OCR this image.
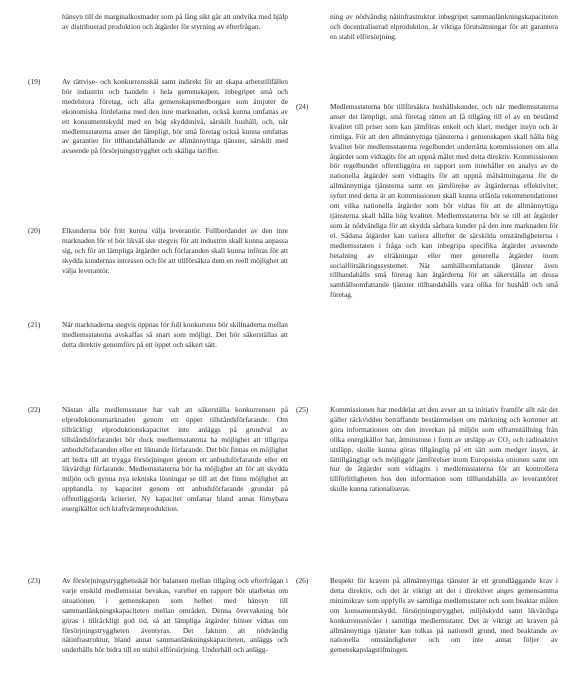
hänsyn till de marginalkostnader som på lång sikt går att undvika med hjälp av distribuerad produktion och åtgärder för styrning av efterfrågan.
(19)	Av rättvise- och konkurrensskäl samt indirekt för att skapa arbetstillfällen bör industrin och handeln i hela gemenskapen, inbegripet små och medelstora företag, och alla gemenskapsmedborgare som åtnjuter de ekonomiska fördelarna med den inre marknaden, också kunna omfattas av ett konsumentskydd med en hög skyddsnivå, särskilt hushåll, och, när medlemsstaterna anser det lämpligt, bör små företag också kunna omfattas av garantier för tillhandahållande av allmännyttiga tjänster, särskilt med avseende på försörjningstrygghet och skäliga tariffer.
(20)	Elkunderna bör fritt kunna välja leverantör. Fullbordandet av den inre marknaden för el bör likväl ske stegvis för att industrin skall kunna anpassa sig, och för att lämpliga åtgärder och förfaranden skall kunna införas för att skydda kundernas intressen och för att tillförsäkra dem en reell möjlighet att välja leverantör.
(21)	När marknaderna stegvis öppnas för full konkurrens bör skillnaderna mellan medlemsstaterna avskaffas så snart som möjligt. Det bör säkerställas att detta direktiv genomförs på ett öppet och säkert sätt.
(22)	Nästan alla medlemsstater har valt att säkerställa konkurrensen på elproduktionsmarknaden genom ett öppet tillståndsförfarande. Om tillräckligt elproduktionskapacitet inte anläggs på grundval av tillståndsförfarandet bör dock medlemsstaterna ha möjlighet att tillgripa anbudsförfaranden eller ett liknande förfarande. Det bör finnas en möjlighet att bidra till att trygga försörjningen genom ett anbudsförfarande eller ett likvärdigt förfarande. Medlemsstaterna bör ha möjlighet att för att skydda miljön och gynna nya tekniska lösningar se till att det finns möjlighet att upphandla ny kapacitet genom ett anbudsförfarande grundat på offentliggjorda kriterier. Ny kapacitet omfattar bland annat förnybara energikällor och kraftvärmeproduktion.
(23)	Av försörjningstrygghetsskäl bör balansen mellan tillgång och efterfrågan i varje enskild medlemsstat bevakas, varefter en rapport bör utarbetas om situationen i gemenskapen som helhet med hänsyn till sammanlänkningskapaciteten mellan områden. Denna övervakning bör göras i tillräckligt god tid, så att lämpliga åtgärder hinner vidtas om försörjningstryggheten äventyras. Det faktum att nödvändig nätinfrastruktur, bland annat sammanlänkningskapaciteten, anläggs och underhålls bör bidra till en stabil elförsörjning. Underhåll och anlägg-
ning av nödvändig nätinfrastruktur inbegripet sammanlänkningskapaciteten och decentraliserad elproduktion, är viktiga förutsättningar för att garantera en stabil elförsörjning.
(24)	Medlemsstaterna bör tillförsäkra hushållskunder, och när medlemsstaterna anser det lämpligt, små företag rätten att få tillgång till el av en bestämd kvalitet till priser som kan jämföras enkelt och klart, medger insyn och är rimliga. För att den allmännyttiga tjänsterna i gemenskapen skall hålla hög kvalitet bör medlemsstaterna regelbundet underrätta kommissionen om alla åtgärder som vidtagits för att uppnå målet med detta direktiv. Kommissionen bör regelbundet offentliggöra en rapport som innehåller en analys av de nationella åtgärder som vidtagits för att uppnå målsättningarna för de allmännyttiga tjänsterna samt en jämförelse av åtgärdernas effektivitet; syftet med detta är att kommissionen skall kunna utfärda rekommendationer om vilka nationella åtgärder som bör vidtas för att de allmännyttiga tjänsterna skall hålla hög kvalitet. Medlemsstaterna bör se till att åtgärder som är nödvändiga för att skydda sårbara kunder på den inre marknaden för el. Sådana åtgärder kan variera alltefter de särskilda omständigheterna i medlemsstaten i fråga och kan inbegripa specifika åtgärder avseende betalning av elräkningar eller mer generella åtgärder inom socialförsäkringssystemet. När samhällsomfattande tjänster även tillhandahålls små företag kan åtgärderna för att säkerställa att dessa samhällsomfattande tjänster tillhandahålls vara olika för hushåll och små företag.
(25)	Kommissionen har meddelat att den avser att ta initiativ framför allt när det gäller räckvidden beträffande bestämmelsen om märkning och kommer att göra informationen om den inverkan på miljön som elframställning från olika energikällor har, åtminstone i form av utsläpp av CO₂ och radioaktivt utsläpp, skulle kunna göras tillgänglig på ett sätt som medger insyn, är lättillgängligt och möjliggör jämförelser inom Europeiska unionen samt om hur de åtgärder som vidtagits i medlemsstaterna för att kontrollera tillförlitligheten hos den information som tillhandahålls av leverantörer skulle kunna rationaliseras.
(26)	Respekt för kraven på allmännyttiga tjänster är ett grundläggande krav i detta direktiv, och det är viktigt att det i direktivet anges gemensamma minimikrav som uppfylls av samtliga medlemsstater och som beaktar målen om konsumentskydd, försörjningstrygghet, miljöskydd samt likvärdiga konkurrensnivåer i samtliga medlemsstater. Det är viktigt att kraven på allmännyttiga tjänster kan tolkas på nationell grund, med beaktande av nationella omständigheter och om inte annat följer av gemenskapslagstiftningen.
